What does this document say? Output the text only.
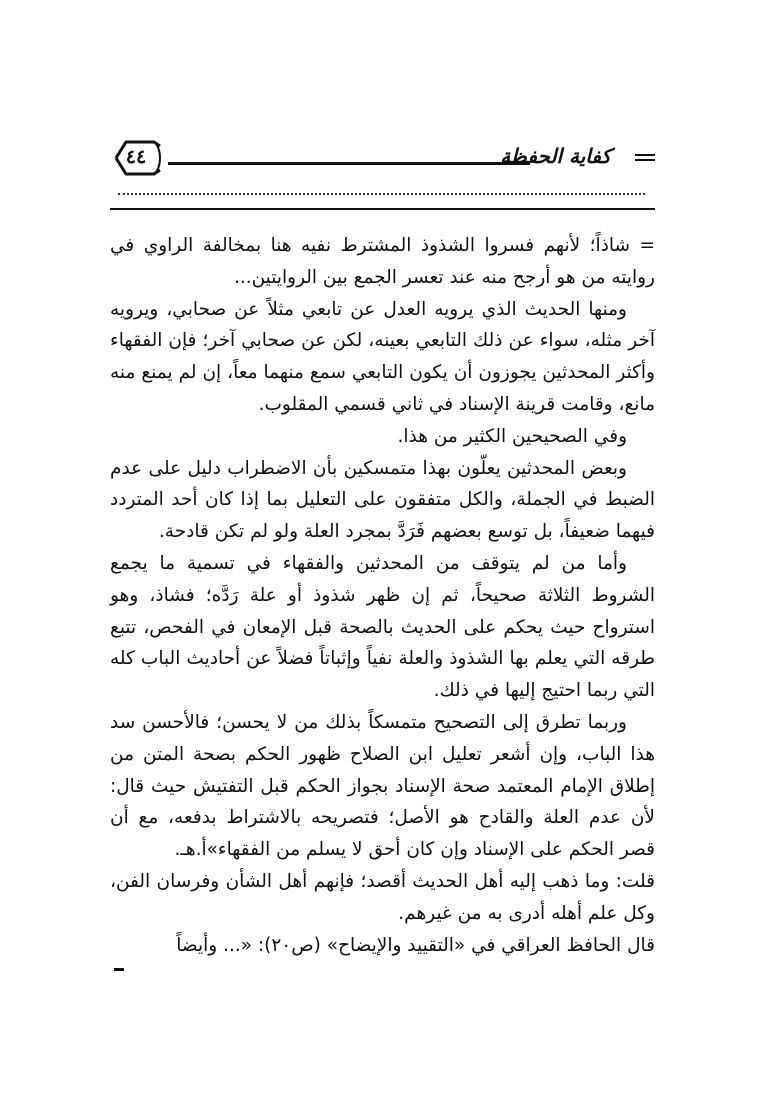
٤٤	كفاية الحفظة

= شاذاً؛ لأنهم فسروا الشذوذ المشترط نفيه هنا بمخالفة الراوي في روايته من هو أرجح منه عند تعسر الجمع بين الروايتين...

ومنها الحديث الذي يرويه العدل عن تابعي مثلاً عن صحابي، ويرويه آخر مثله، سواء عن ذلك التابعي بعينه، لكن عن صحابي آخر؛ فإن الفقهاء وأكثر المحدثين يجوزون أن يكون التابعي سمع منهما معاً، إن لم يمنع منه مانع، وقامت قرينة الإسناد في ثاني قسمي المقلوب.

وفي الصحيحين الكثير من هذا.

وبعض المحدثين يعلّون بهذا متمسكين بأن الاضطراب دليل على عدم الضبط في الجملة، والكل متفقون على التعليل بما إذا كان أحد المتردد فيهما ضعيفاً، بل توسع بعضهم فَرَدَّ بمجرد العلة ولو لم تكن قادحة.

وأما من لم يتوقف من المحدثين والفقهاء في تسمية ما يجمع الشروط الثلاثة صحيحاً، ثم إن ظهر شذوذ أو علة رَدَّه؛ فشاذ، وهو استرواح حيث يحكم على الحديث بالصحة قبل الإمعان في الفحص، تتبع طرقه التي يعلم بها الشذوذ والعلة نفياً وإثباتاً فضلاً عن أحاديث الباب كله التي ربما احتيج إليها في ذلك.

وربما تطرق إلى التصحيح متمسكاً بذلك من لا يحسن؛ فالأحسن سد هذا الباب، وإن أشعر تعليل ابن الصلاح ظهور الحكم بصحة المتن من إطلاق الإمام المعتمد صحة الإسناد بجواز الحكم قبل التفتيش حيث قال: لأن عدم العلة والقادح هو الأصل؛ فتصريحه بالاشتراط بدفعه، مع أن قصر الحكم على الإسناد وإن كان أحق لا يسلم من الفقهاء»أ.هـ.

قلت: وما ذهب إليه أهل الحديث أقصد؛ فإنهم أهل الشأن وفرسان الفن، وكل علم أهله أدرى به من غيرهم.

قال الحافظ العراقي في «التقييد والإيضاح» (ص٢٠): «... وأيضاً
